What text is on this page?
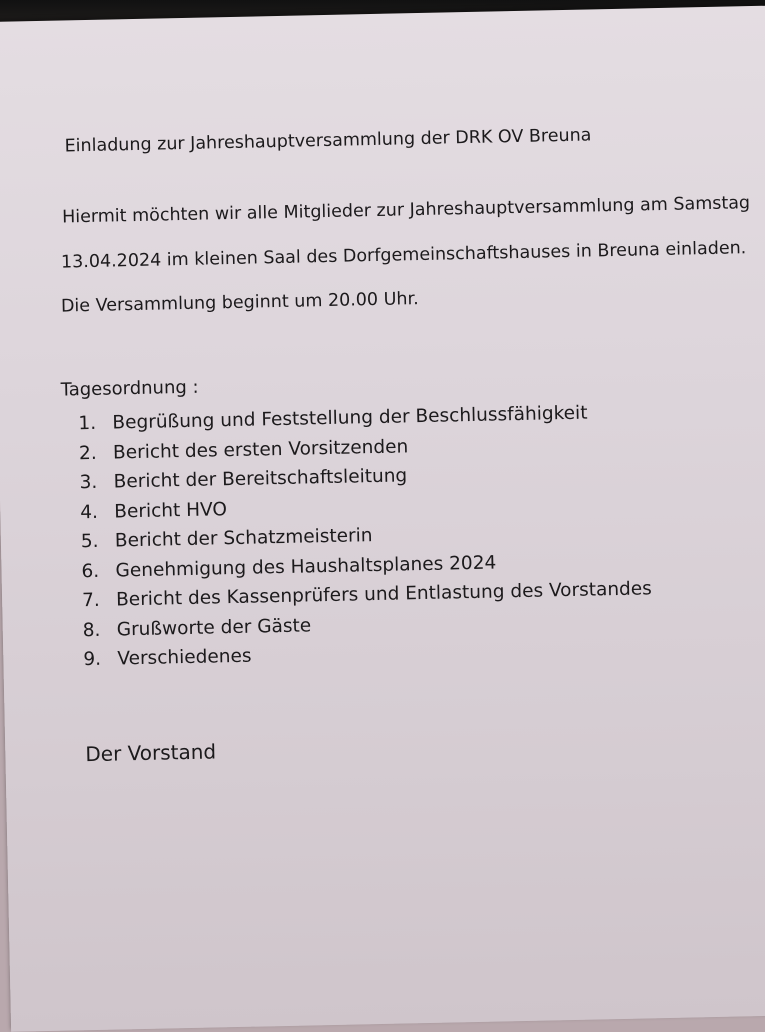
Einladung zur Jahreshauptversammlung der DRK OV Breuna
Hiermit möchten wir alle Mitglieder zur Jahreshauptversammlung am Samstag
13.04.2024 im kleinen Saal des Dorfgemeinschaftshauses in Breuna einladen.
Die Versammlung beginnt um 20.00 Uhr.
Tagesordnung :
1. Begrüßung und Feststellung der Beschlussfähigkeit
2. Bericht des ersten Vorsitzenden
3. Bericht der Bereitschaftsleitung
4. Bericht HVO
5. Bericht der Schatzmeisterin
6. Genehmigung des Haushaltsplanes 2024
7. Bericht des Kassenprüfers und Entlastung des Vorstandes
8. Grußworte der Gäste
9. Verschiedenes
Der Vorstand
